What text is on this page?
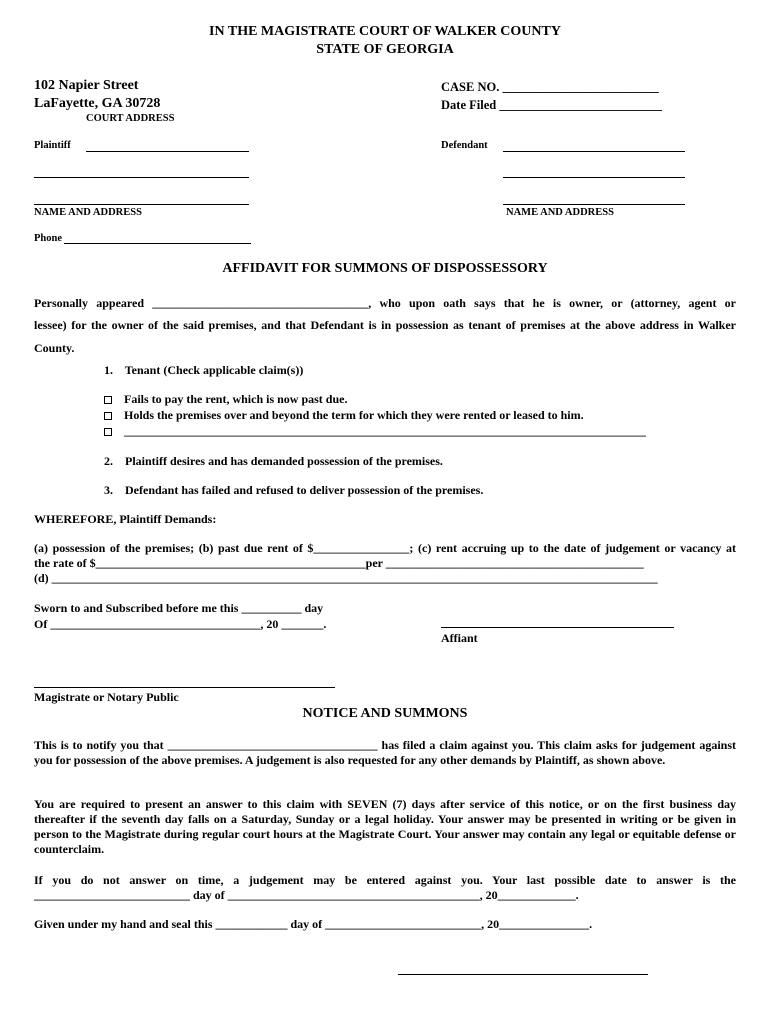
IN THE MAGISTRATE COURT OF WALKER COUNTY
STATE OF GEORGIA
102 Napier Street
LaFayette, GA 30728
COURT ADDRESS
CASE NO. _________________________
Date Filed __________________________
Plaintiff
NAME AND ADDRESS
Phone
Defendant
NAME AND ADDRESS
AFFIDAVIT FOR SUMMONS OF DISPOSSESSORY
Personally appeared ____________________________________, who upon oath says that he is owner, or (attorney, agent or
lessee) for the owner of the said premises, and that Defendant is in possession as tenant of premises at the above address in Walker
County.
1.    Tenant (Check applicable claim(s))
Fails to pay the rent, which is now past due.
Holds the premises over and beyond the term for which they were rented or leased to him.
_______________________________________________________________________________________
2.    Plaintiff desires and has demanded possession of the premises.
3.    Defendant has failed and refused to deliver possession of the premises.
WHEREFORE, Plaintiff Demands:
(a) possession of the premises; (b) past due rent of $________________; (c) rent accruing up to the date of judgement or vacancy at
the rate of $_____________________________________________per ___________________________________________
(d) _____________________________________________________________________________________________________
Sworn to and Subscribed before me this __________ day
Of ___________________________________, 20 _______.
Affiant
Magistrate or Notary Public
NOTICE AND SUMMONS
This is to notify you that ___________________________________ has filed a claim against you. This claim asks for judgement against you for possession of the above premises. A judgement is also requested for any other demands by Plaintiff, as shown above.
You are required to present an answer to this claim with SEVEN (7) days after service of this notice, or on the first business day thereafter if the seventh day falls on a Saturday, Sunday or a legal holiday. Your answer may be presented in writing or be given in person to the Magistrate during regular court hours at the Magistrate Court. Your answer may contain any legal or equitable defense or counterclaim.
If you do not answer on time, a judgement may be entered against you. Your last possible date to answer is the
__________________________ day of __________________________________________, 20_____________.
Given under my hand and seal this ____________ day of __________________________, 20_______________.
